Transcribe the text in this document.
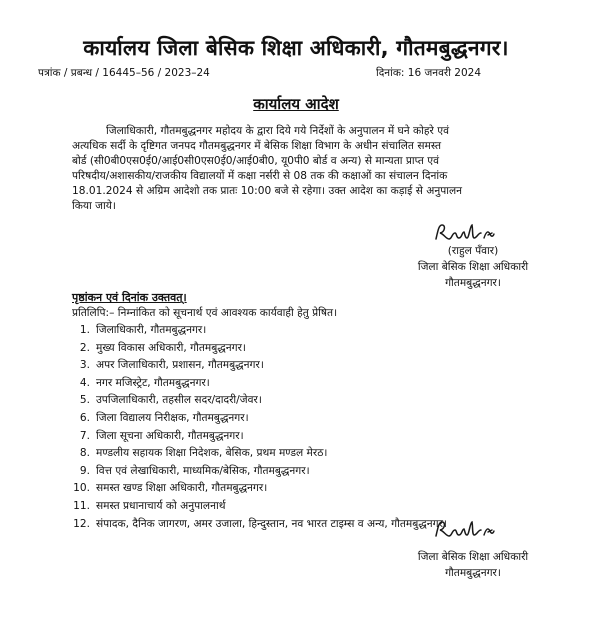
कार्यालय जिला बेसिक शिक्षा अधिकारी, गौतमबुद्धनगर।
पत्रांक / प्रबन्ध / 16445–56 / 2023–24	दिनांक: 16 जनवरी 2024
कार्यालय आदेश

जिलाधिकारी, गौतमबुद्धनगर महोदय के द्वारा दिये गये निर्देशों के अनुपालन में घने कोहरे एवं

अत्यधिक सर्दी के दृष्टिगत जनपद गौतमबुद्धनगर में बेसिक शिक्षा विभाग के अधीन संचालित समस्त

बोर्ड (सी0बी0एस0ई0/आई0सी0एस0ई0/आई0बी0, यू0पी0 बोर्ड व अन्य) से मान्यता प्राप्त एवं

परिषदीय/अशासकीय/राजकीय विद्यालयों में कक्षा नर्सरी से 08 तक की कक्षाओं का संचालन दिनांक

18.01.2024 से अग्रिम आदेशो तक प्रातः 10:00 बजे से रहेगा। उक्त आदेश का कड़ाई से अनुपालन

किया जाये।

(राहुल पँवार)
जिला बेसिक शिक्षा अधिकारी
गौतमबुद्धनगर।
पृष्ठांकन एवं दिनांक उक्तवत्।
प्रतिलिपि:– निम्नांकित को सूचनार्थ एवं आवश्यक कार्यवाही हेतु प्रेषित।
1. जिलाधिकारी, गौतमबुद्धनगर।
2. मुख्य विकास अधिकारी, गौतमबुद्धनगर।
3. अपर जिलाधिकारी, प्रशासन, गौतमबुद्धनगर।
4. नगर मजिस्ट्रेट, गौतमबुद्धनगर।
5. उपजिलाधिकारी, तहसील सदर/दादरी/जेवर।
6. जिला विद्यालय निरीक्षक, गौतमबुद्धनगर।
7. जिला सूचना अधिकारी, गौतमबुद्धनगर।
8. मण्डलीय सहायक शिक्षा निदेशक, बेसिक, प्रथम मण्डल मेरठ।
9. वित्त एवं लेखाधिकारी, माध्यमिक/बेसिक, गौतमबुद्धनगर।
10. समस्त खण्ड शिक्षा अधिकारी, गौतमबुद्धनगर।
11. समस्त प्रधानाचार्य को अनुपालनार्थ
12. संपादक, दैनिक जागरण, अमर उजाला, हिन्दुस्तान, नव भारत टाइम्स व अन्य, गौतमबुद्धनगर।
जिला बेसिक शिक्षा अधिकारी
गौतमबुद्धनगर।
